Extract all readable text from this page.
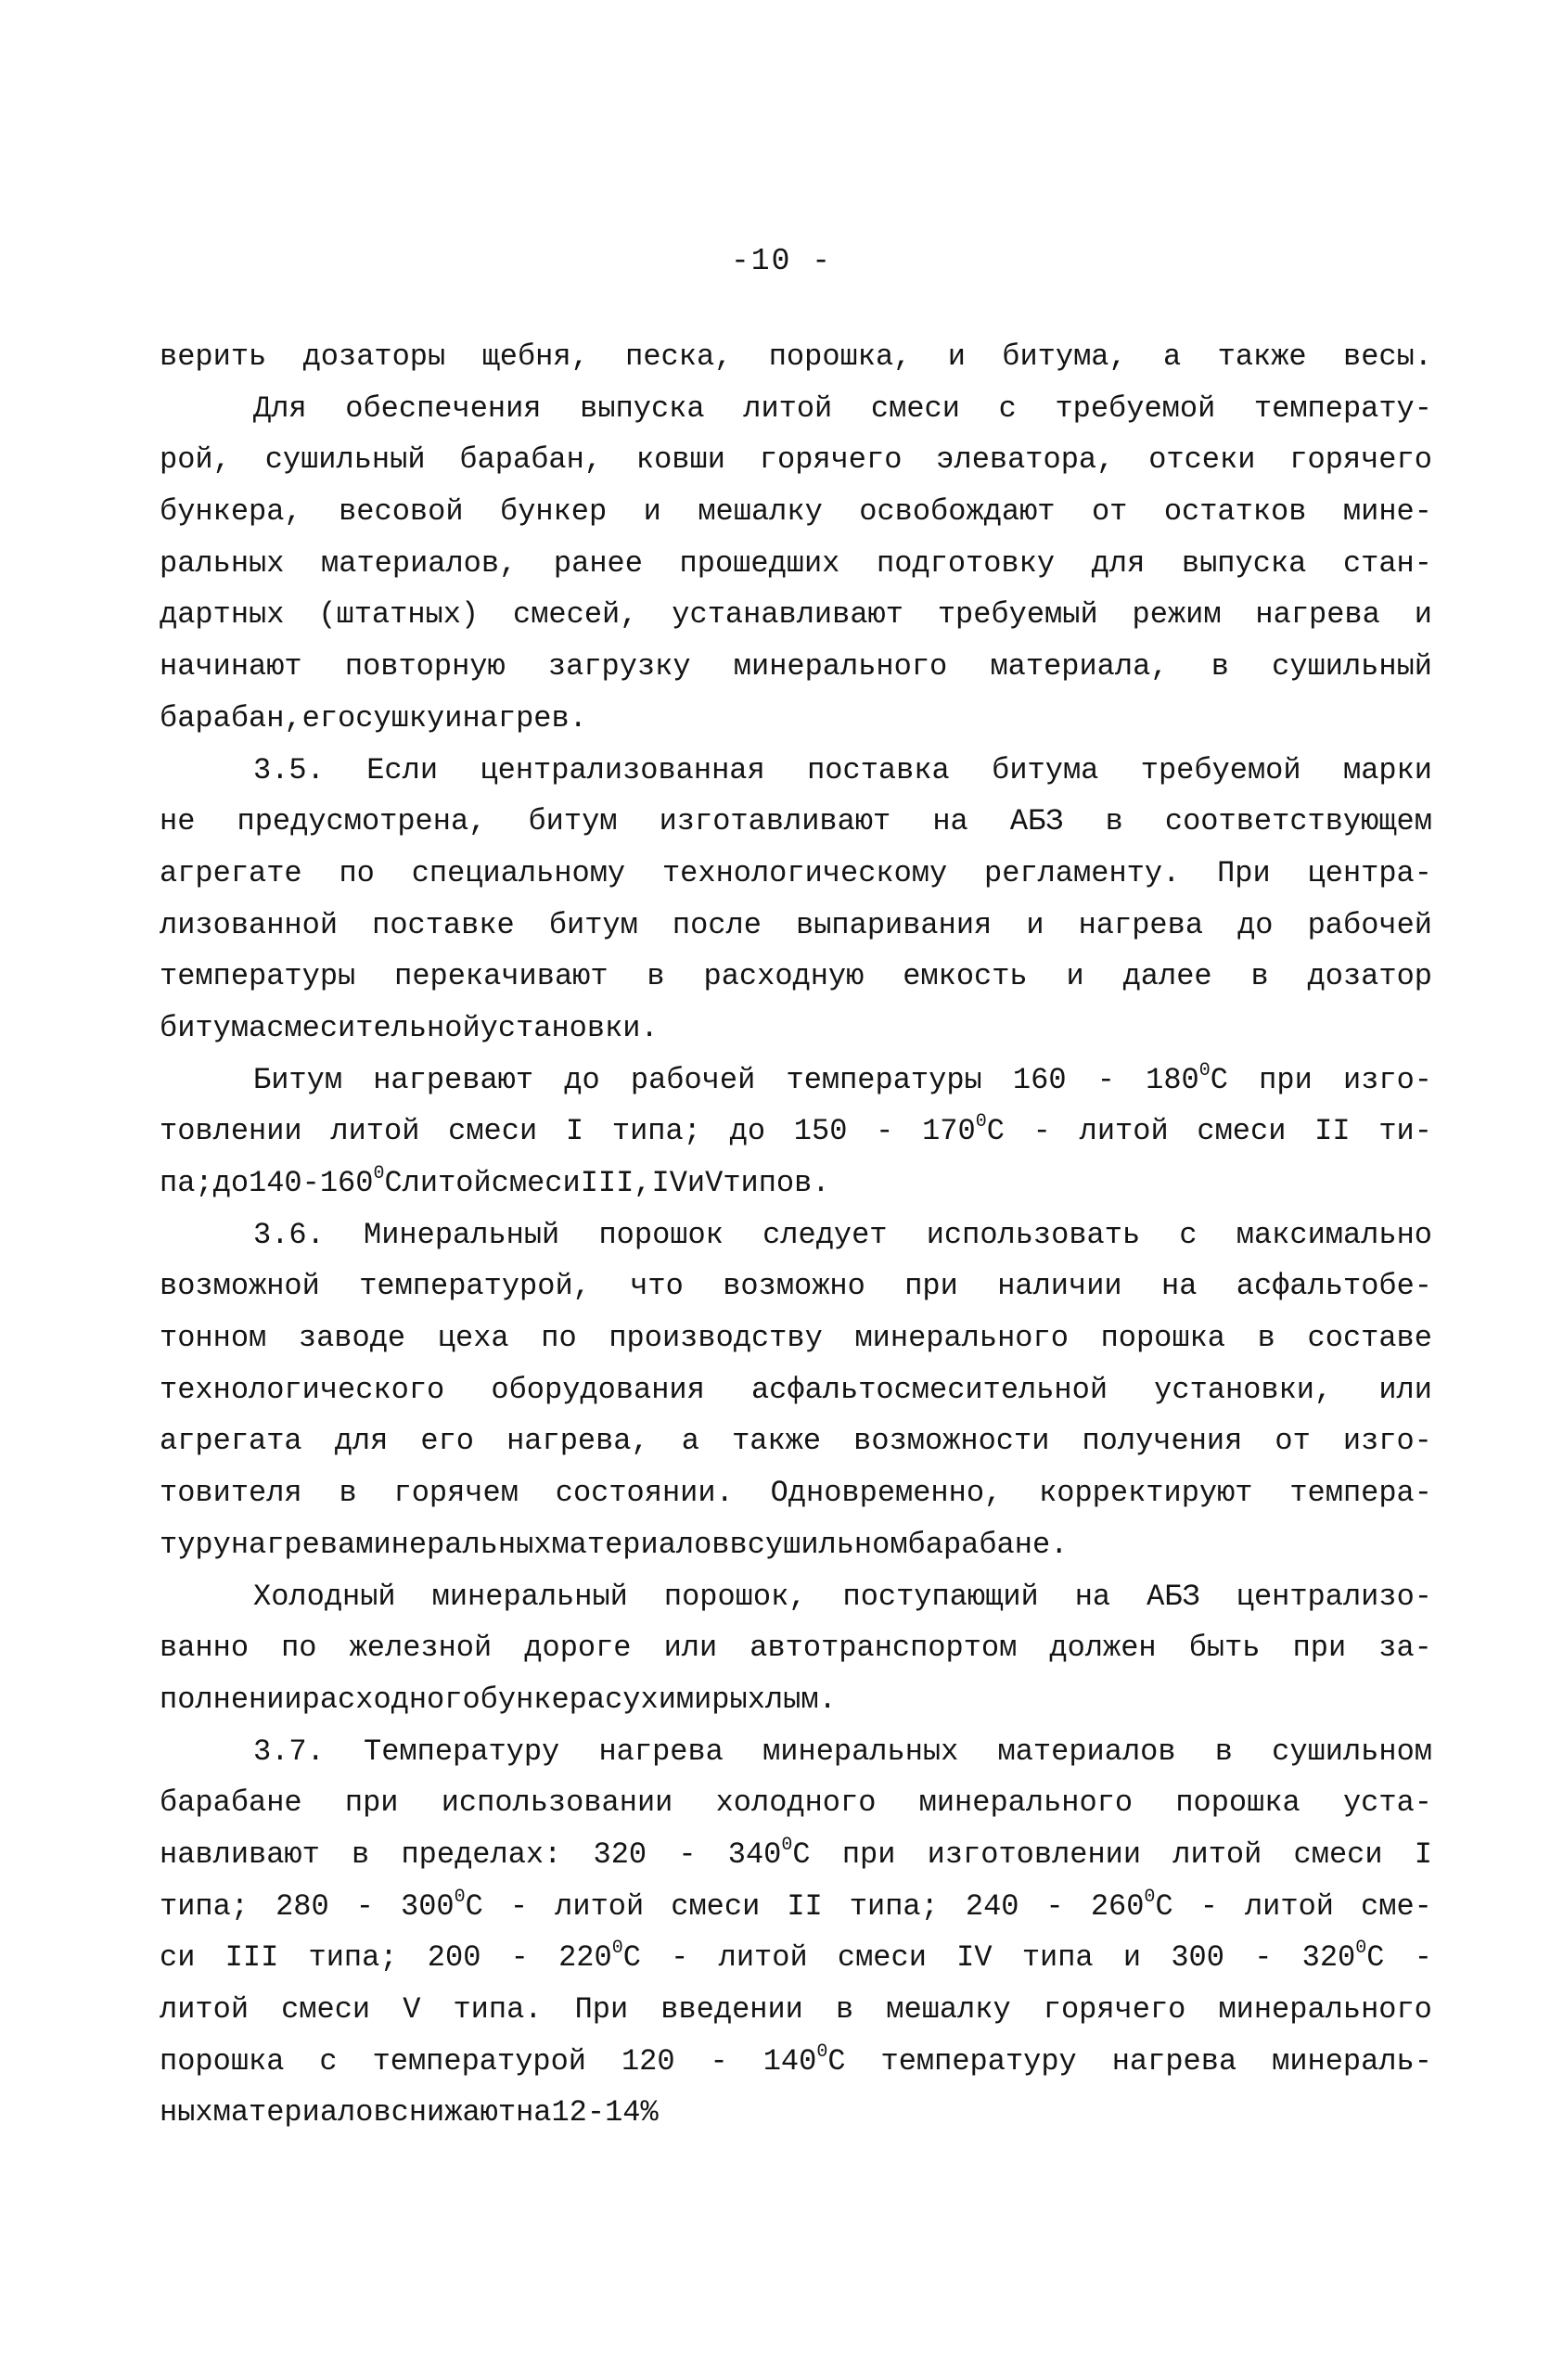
-10 -
верить дозаторы щебня, песка, порошка, и битума, а также весы.
Для обеспечения выпуска литой смеси с требуемой температу-
рой, сушильный барабан, ковши горячего элеватора, отсеки горячего
бункера, весовой бункер и мешалку освобождают от остатков мине-
ральных материалов, ранее прошедших подготовку для выпуска стан-
дартных (штатных) смесей, устанавливают требуемый режим нагрева и
начинают повторную загрузку минерального материала, в сушильный
барабан, его сушку и нагрев.
3.5. Если централизованная поставка битума требуемой марки
не предусмотрена, битум изготавливают на АБЗ в соответствующем
агрегате по специальному технологическому регламенту. При центра-
лизованной поставке битум после выпаривания и нагрева до рабочей
температуры перекачивают в расходную емкость и далее в дозатор
битума смесительной установки.
Битум нагревают до рабочей температуры $160 - 180^0С$ при изго-
товлении литой смеси I типа; до $150 - 170^0С$ - литой смеси II ти-
па; до $140 - 160^0С$ литой смеси III, IV и V типов.
3.6. Минеральный порошок следует использовать с максимально
возможной температурой, что возможно при наличии на асфальтобе-
тонном заводе цеха по производству минерального порошка в составе
технологического оборудования асфальтосмесительной установки, или
агрегата для его нагрева, а также возможности получения от изго-
товителя в горячем состоянии. Одновременно, корректируют темпера-
туру нагрева минеральных материалов в сушильном барабане.
Холодный минеральный порошок, поступающий на АБЗ централизо-
ванно по железной дороге или автотранспортом должен быть при за-
полнении расходного бункера сухим и рыхлым.
3.7. Температуру нагрева минеральных материалов в сушильном
барабане при использовании холодного минерального порошка уста-
навливают в пределах: $320 - 340^0С$ при изготовлении литой смеси I
типа; $280 - 300^0С$ - литой смеси II типа; $240 - 260^0С$ - литой сме-
си III типа; $200 - 220^0С$ - литой смеси IV типа и $300 - 320^0С$ -
литой смеси V типа. При введении в мешалку горячего минерального
порошка с температурой $120 - 140^0С$ температуру нагрева минераль-
ных материалов снижают на 12 - 14%
